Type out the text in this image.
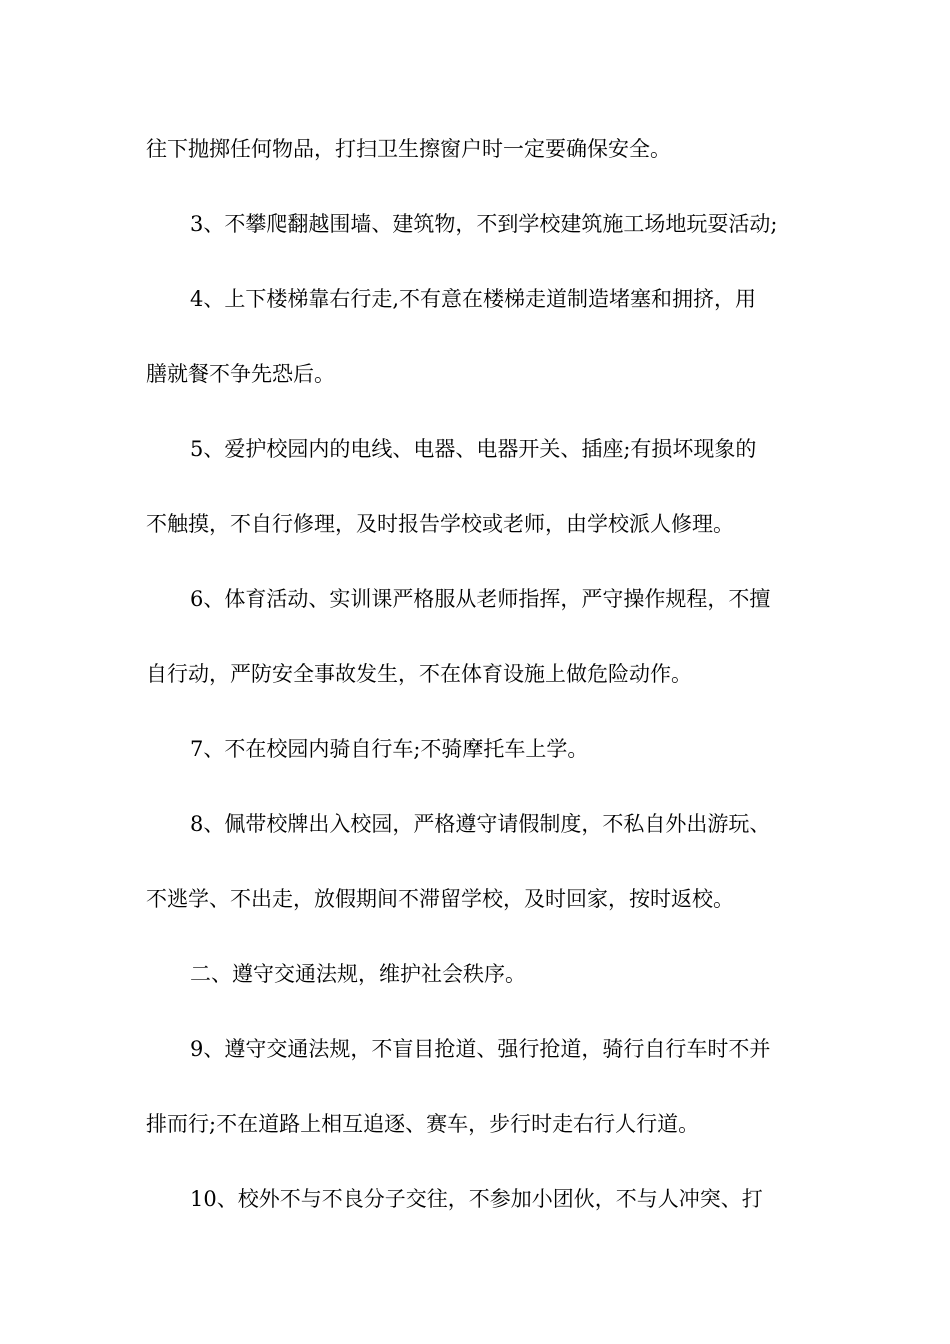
往下抛掷任何物品，打扫卫生擦窗户时一定要确保安全。
3、不攀爬翻越围墙、建筑物，不到学校建筑施工场地玩耍活动;
4、上下楼梯靠右行走,不有意在楼梯走道制造堵塞和拥挤，用
膳就餐不争先恐后。
5、爱护校园内的电线、电器、电器开关、插座;有损坏现象的
不触摸，不自行修理，及时报告学校或老师，由学校派人修理。
6、体育活动、实训课严格服从老师指挥，严守操作规程，不擅
自行动，严防安全事故发生，不在体育设施上做危险动作。
7、不在校园内骑自行车;不骑摩托车上学。
8、佩带校牌出入校园，严格遵守请假制度，不私自外出游玩、
不逃学、不出走，放假期间不滞留学校，及时回家，按时返校。
二、遵守交通法规，维护社会秩序。
9、遵守交通法规，不盲目抢道、强行抢道，骑行自行车时不并
排而行;不在道路上相互追逐、赛车，步行时走右行人行道。
10、校外不与不良分子交往，不参加小团伙，不与人冲突、打
